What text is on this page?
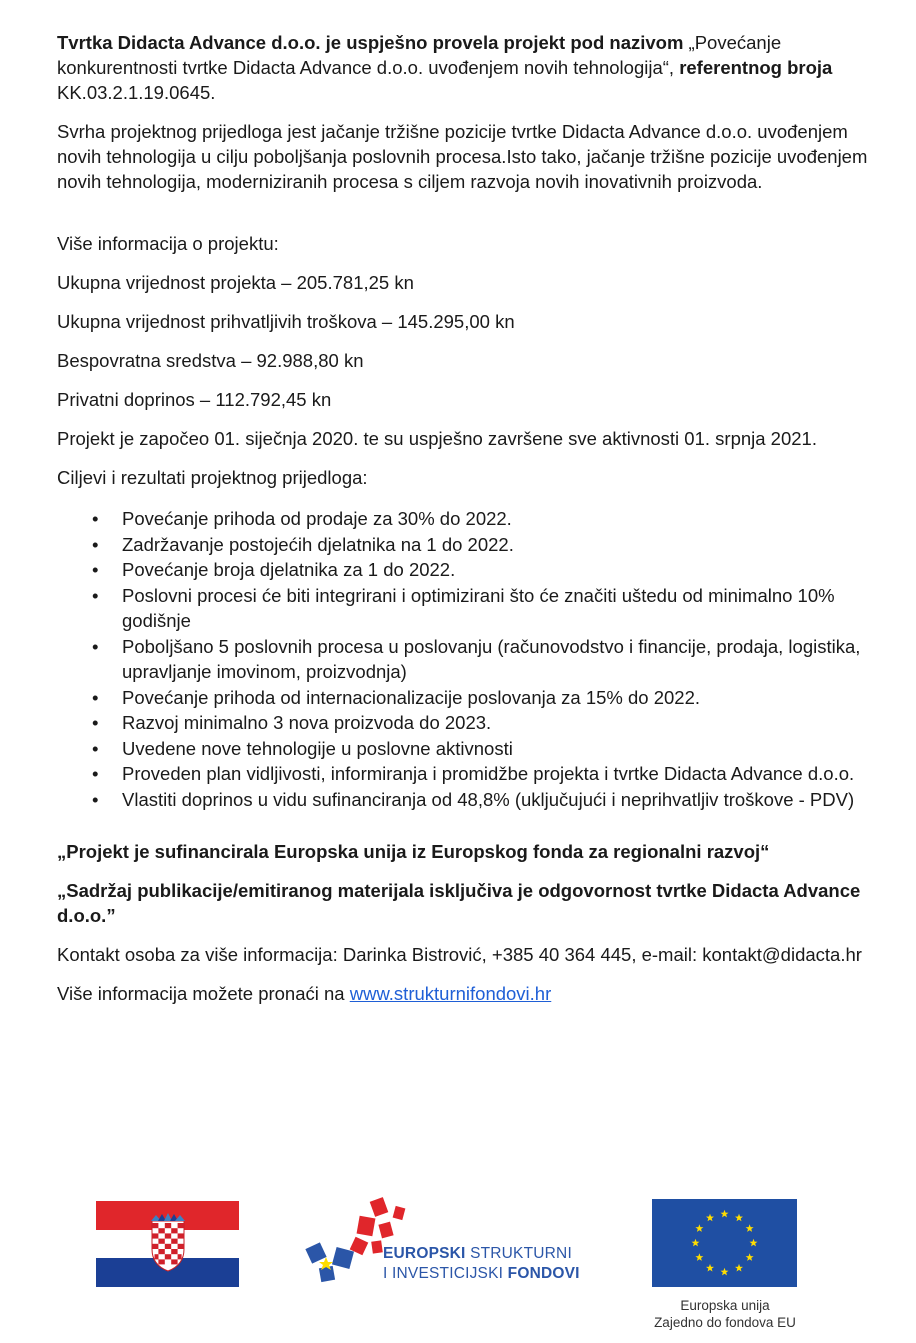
Tvrtka Didacta Advance d.o.o. je uspješno provela projekt pod nazivom „Povećanje konkurentnosti tvrtke Didacta Advance d.o.o. uvođenjem novih tehnologija“, referentnog broja KK.03.2.1.19.0645.

Svrha projektnog prijedloga jest jačanje tržišne pozicije tvrtke Didacta Advance d.o.o. uvođenjem novih tehnologija u cilju poboljšanja poslovnih procesa.Isto tako, jačanje tržišne pozicije uvođenjem novih tehnologija, moderniziranih procesa s ciljem razvoja novih inovativnih proizvoda.

Više informacija o projektu:

Ukupna vrijednost projekta – 205.781,25 kn

Ukupna vrijednost prihvatljivih troškova – 145.295,00 kn

Bespovratna sredstva – 92.988,80 kn

Privatni doprinos – 112.792,45 kn

Projekt je započeo 01. siječnja 2020. te su uspješno završene sve aktivnosti 01. srpnja 2021.

Ciljevi i rezultati projektnog prijedloga:

• Povećanje prihoda od prodaje za 30% do 2022.
• Zadržavanje postojećih djelatnika na 1 do 2022.
• Povećanje broja djelatnika za 1 do 2022.
• Poslovni procesi će biti integrirani i optimizirani što će značiti uštedu od minimalno 10% godišnje
• Poboljšano 5 poslovnih procesa u poslovanju (računovodstvo i financije, prodaja, logistika, upravljanje imovinom, proizvodnja)
• Povećanje prihoda od internacionalizacije poslovanja za 15% do 2022.
• Razvoj minimalno 3 nova proizvoda do 2023.
• Uvedene nove tehnologije u poslovne aktivnosti
• Proveden plan vidljivosti, informiranja i promidžbe projekta i tvrtke Didacta Advance d.o.o.
• Vlastiti doprinos u vidu sufinanciranja od 48,8% (uključujući i neprihvatljiv troškove - PDV)

„Projekt je sufinancirala Europska unija iz Europskog fonda za regionalni razvoj“

„Sadržaj publikacije/emitiranog materijala isključiva je odgovornost tvrtke Didacta Advance d.o.o.”

Kontakt osoba za više informacija: Darinka Bistrović, +385 40 364 445, e-mail: kontakt@didacta.hr

Više informacija možete pronaći na www.strukturnifondovi.hr

EUROPSKI STRUKTURNI
I INVESTICIJSKI FONDOVI
Europska unija
Zajedno do fondova EU
